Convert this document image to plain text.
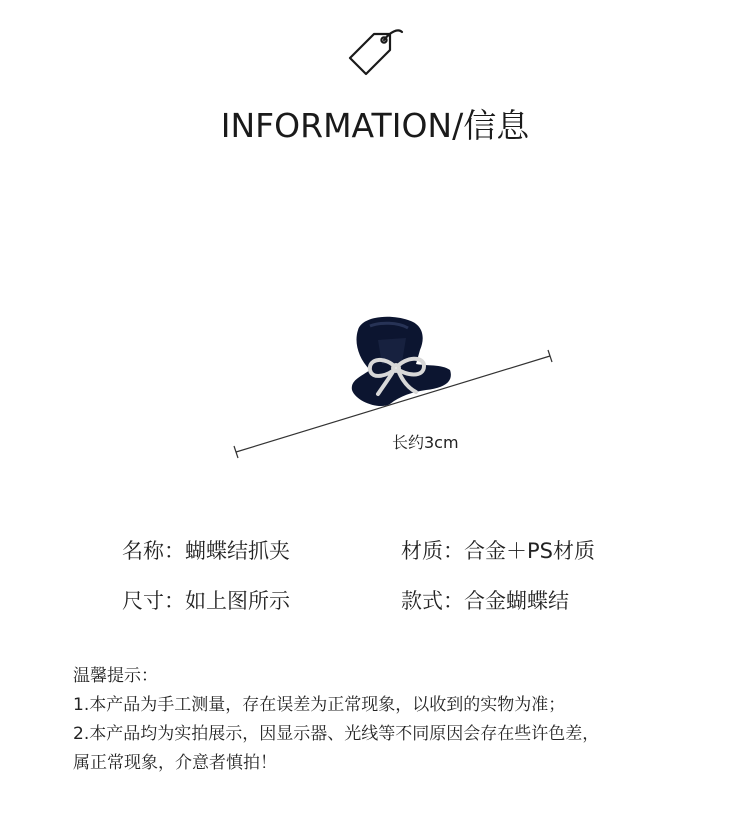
INFORMATION/信息
长约3cm
名称：蝴蝶结抓夹	材质：合金＋PS材质
尺寸：如上图所示	款式：合金蝴蝶结
温馨提示：
1.本产品为手工测量，存在误差为正常现象，以收到的实物为准；
2.本产品均为实拍展示，因显示器、光线等不同原因会存在些许色差，
属正常现象，介意者慎拍！
